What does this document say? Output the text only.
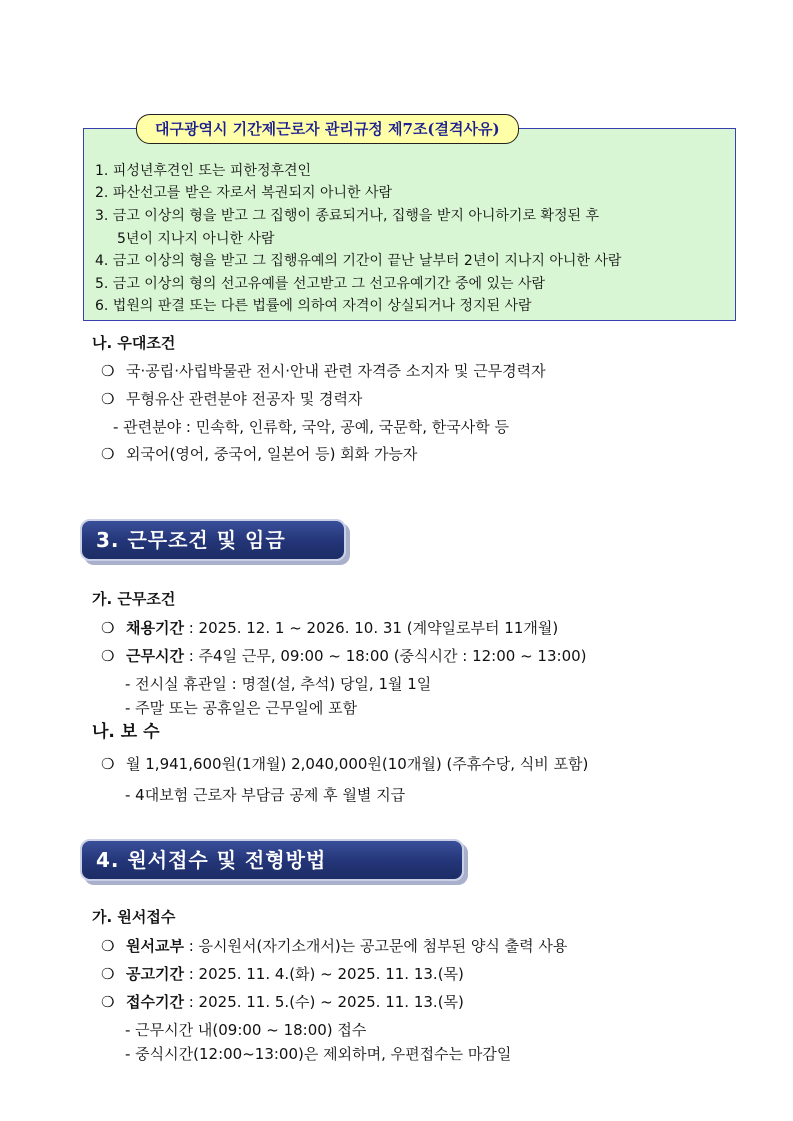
대구광역시 기간제근로자 관리규정 제7조(결격사유)
1. 피성년후견인 또는 피한정후견인
2. 파산선고를 받은 자로서 복권되지 아니한 사람
3. 금고 이상의 형을 받고 그 집행이 종료되거나, 집행을 받지 아니하기로 확정된 후
5년이 지나지 아니한 사람
4. 금고 이상의 형을 받고 그 집행유예의 기간이 끝난 날부터 2년이 지나지 아니한 사람
5. 금고 이상의 형의 선고유예를 선고받고 그 선고유예기간 중에 있는 사람
6. 법원의 판결 또는 다른 법률에 의하여 자격이 상실되거나 정지된 사람
나. 우대조건
❍ 국·공립·사립박물관 전시·안내 관련 자격증 소지자 및 근무경력자
❍ 무형유산 관련분야 전공자 및 경력자
- 관련분야 : 민속학, 인류학, 국악, 공예, 국문학, 한국사학 등
❍ 외국어(영어, 중국어, 일본어 등) 회화 가능자
3. 근무조건 및 임금
가. 근무조건
❍ 채용기간 : 2025. 12. 1 ~ 2026. 10. 31 (계약일로부터 11개월)
❍ 근무시간 : 주4일 근무, 09:00 ~ 18:00 (중식시간 : 12:00 ~ 13:00)
- 전시실 휴관일 : 명절(설, 추석) 당일, 1월 1일
- 주말 또는 공휴일은 근무일에 포함
나. 보 수
❍ 월 1,941,600원(1개월) 2,040,000원(10개월) (주휴수당, 식비 포함)
- 4대보험 근로자 부담금 공제 후 월별 지급
4. 원서접수 및 전형방법
가. 원서접수
❍ 원서교부 : 응시원서(자기소개서)는 공고문에 첨부된 양식 출력 사용
❍ 공고기간 : 2025. 11. 4.(화) ~ 2025. 11. 13.(목)
❍ 접수기간 : 2025. 11. 5.(수) ~ 2025. 11. 13.(목)
- 근무시간 내(09:00 ~ 18:00) 접수
- 중식시간(12:00~13:00)은 제외하며, 우편접수는 마감일
